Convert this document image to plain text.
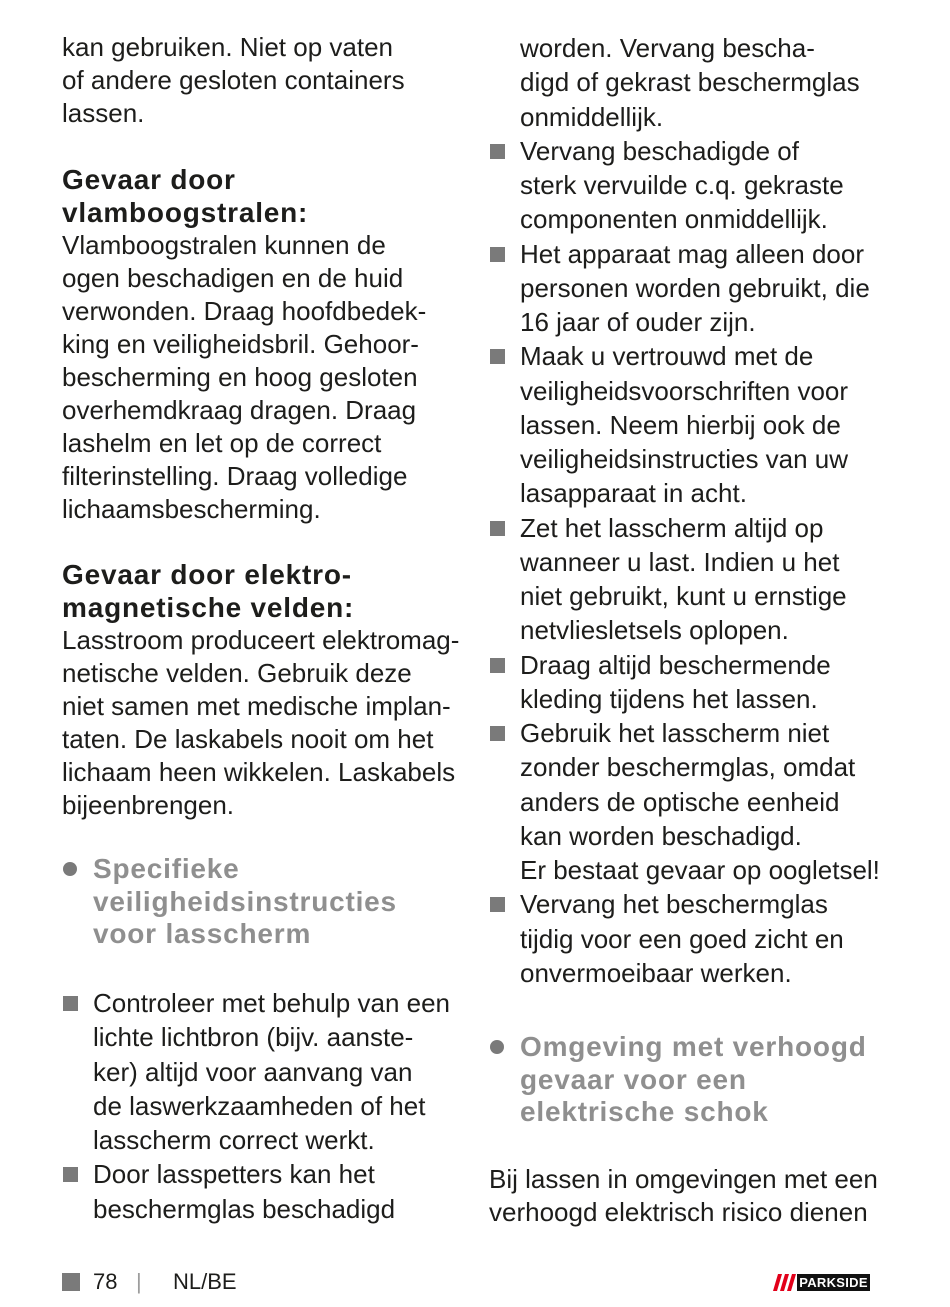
kan gebruiken. Niet op vaten
of andere gesloten containers
lassen.
Gevaar door
vlamboogstralen:
Vlamboogstralen kunnen de
ogen beschadigen en de huid
verwonden. Draag hoofdbedek-
king en veiligheidsbril. Gehoor-
bescherming en hoog gesloten
overhemdkraag dragen. Draag
lashelm en let op de correct
filterinstelling. Draag volledige
lichaamsbescherming.
Gevaar door elektro-
magnetische velden:
Lasstroom produceert elektromag-
netische velden. Gebruik deze
niet samen met medische implan-
taten. De laskabels nooit om het
lichaam heen wikkelen. Laskabels
bijeenbrengen.
Specifieke
veiligheidsinstructies
voor lasscherm
Controleer met behulp van een
lichte lichtbron (bijv. aanste-
ker) altijd voor aanvang van
de laswerkzaamheden of het
lasscherm correct werkt.
Door lasspetters kan het
beschermglas beschadigd
worden. Vervang bescha-
digd of gekrast beschermglas
onmiddellijk.
Vervang beschadigde of
sterk vervuilde c.q. gekraste
componenten onmiddellijk.
Het apparaat mag alleen door
personen worden gebruikt, die
16 jaar of ouder zijn.
Maak u vertrouwd met de
veiligheidsvoorschriften voor
lassen. Neem hierbij ook de
veiligheidsinstructies van uw
lasapparaat in acht.
Zet het lasscherm altijd op
wanneer u last. Indien u het
niet gebruikt, kunt u ernstige
netvliesletsels oplopen.
Draag altijd beschermende
kleding tijdens het lassen.
Gebruik het lasscherm niet
zonder beschermglas, omdat
anders de optische eenheid
kan worden beschadigd.
Er bestaat gevaar op oogletsel!
Vervang het beschermglas
tijdig voor een goed zicht en
onvermoeibaar werken.
Omgeving met verhoogd
gevaar voor een
elektrische schok
Bij lassen in omgevingen met een
verhoogd elektrisch risico dienen
78 | NL/BE	PARKSIDE
